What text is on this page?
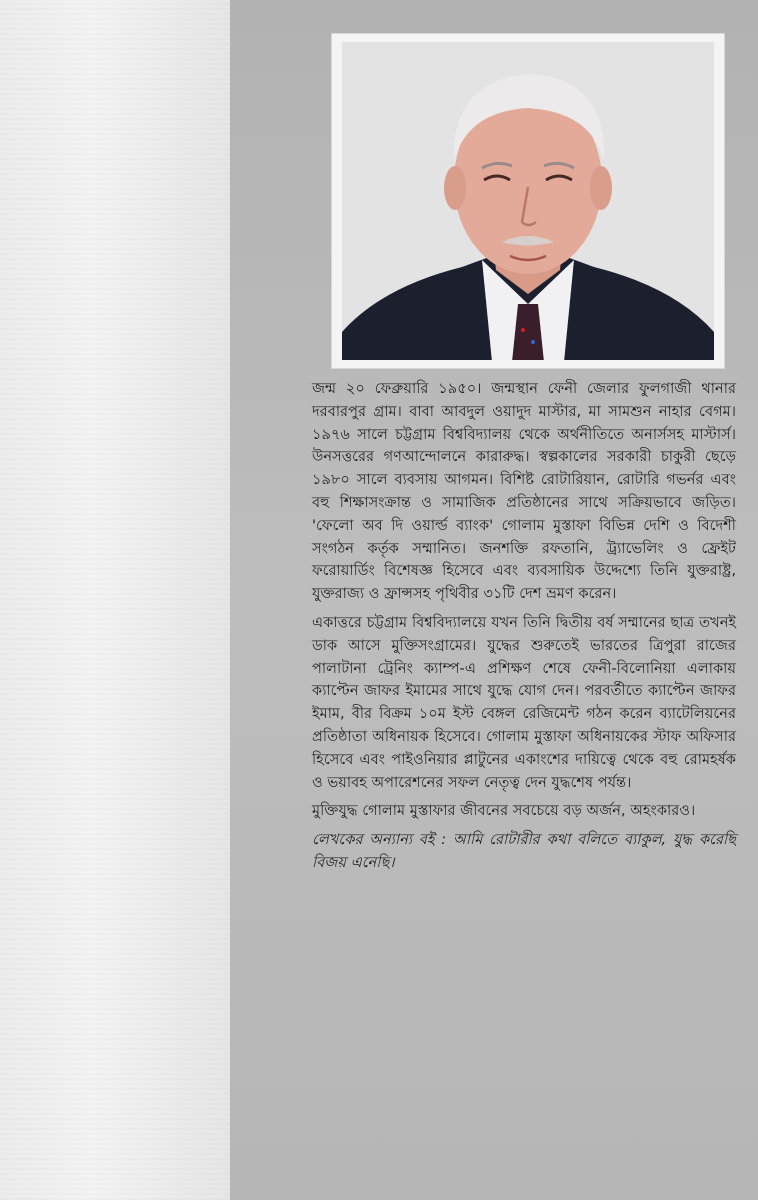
জন্ম ২০ ফেব্রুয়ারি ১৯৫০। জন্মস্থান ফেনী জেলার ফুলগাজী থানার দরবারপুর গ্রাম। বাবা আবদুল ওয়াদুদ মাস্টার, মা সামশুন নাহার বেগম। ১৯৭৬ সালে চট্টগ্রাম বিশ্ববিদ্যালয় থেকে অর্থনীতিতে অনার্সসহ মাস্টার্স। উনসত্তরের গণআন্দোলনে কারারুদ্ধ। স্বল্পকালের সরকারী চাকুরী ছেড়ে ১৯৮০ সালে ব্যবসায় আগমন। বিশিষ্ট রোটারিয়ান, রোটারি গভর্নর এবং বহু শিক্ষাসংক্রান্ত ও সামাজিক প্রতিষ্ঠানের সাথে সক্রিয়ভাবে জড়িত। 'ফেলো অব দি ওয়ার্ল্ড ব্যাংক' গোলাম মুস্তাফা বিভিন্ন দেশি ও বিদেশী সংগঠন কর্তৃক সম্মানিত। জনশক্তি রফতানি, ট্র্যাভেলিং ও ফ্রেইট ফরোয়ার্ডিং বিশেষজ্ঞ হিসেবে এবং ব্যবসায়িক উদ্দেশ্যে তিনি যুক্তরাষ্ট্র, যুক্তরাজ্য ও ফ্রান্সসহ পৃথিবীর ৩১টি দেশ ভ্রমণ করেন।

একাত্তরে চট্টগ্রাম বিশ্ববিদ্যালয়ে যখন তিনি দ্বিতীয় বর্ষ সম্মানের ছাত্র তখনই ডাক আসে মুক্তিসংগ্রামের। যুদ্ধের শুরুতেই ভারতের ত্রিপুরা রাজের পালাটানা ট্রেনিং ক্যাম্প-এ প্রশিক্ষণ শেষে ফেনী-বিলোনিয়া এলাকায় ক্যাপ্টেন জাফর ইমামের সাথে যুদ্ধে যোগ দেন। পরবর্তীতে ক্যাপ্টেন জাফর ইমাম, বীর বিক্রম ১০ম ইস্ট বেঙ্গল রেজিমেন্ট গঠন করেন ব্যাটেলিয়নের প্রতিষ্ঠাতা অধিনায়ক হিসেবে। গোলাম মুস্তাফা অধিনায়কের স্টাফ অফিসার হিসেবে এবং পাইওনিয়ার প্লাটুনের একাংশের দায়িত্বে থেকে বহু রোমহর্ষক ও ভয়াবহ অপারেশনের সফল নেতৃত্ব দেন যুদ্ধশেষ পর্যন্ত।

মুক্তিযুদ্ধ গোলাম মুস্তাফার জীবনের সবচেয়ে বড় অর্জন, অহংকারও।

লেখকের অন্যান্য বই : আমি রোটারীর কথা বলিতে ব্যাকুল, যুদ্ধ করেছি বিজয় এনেছি।
